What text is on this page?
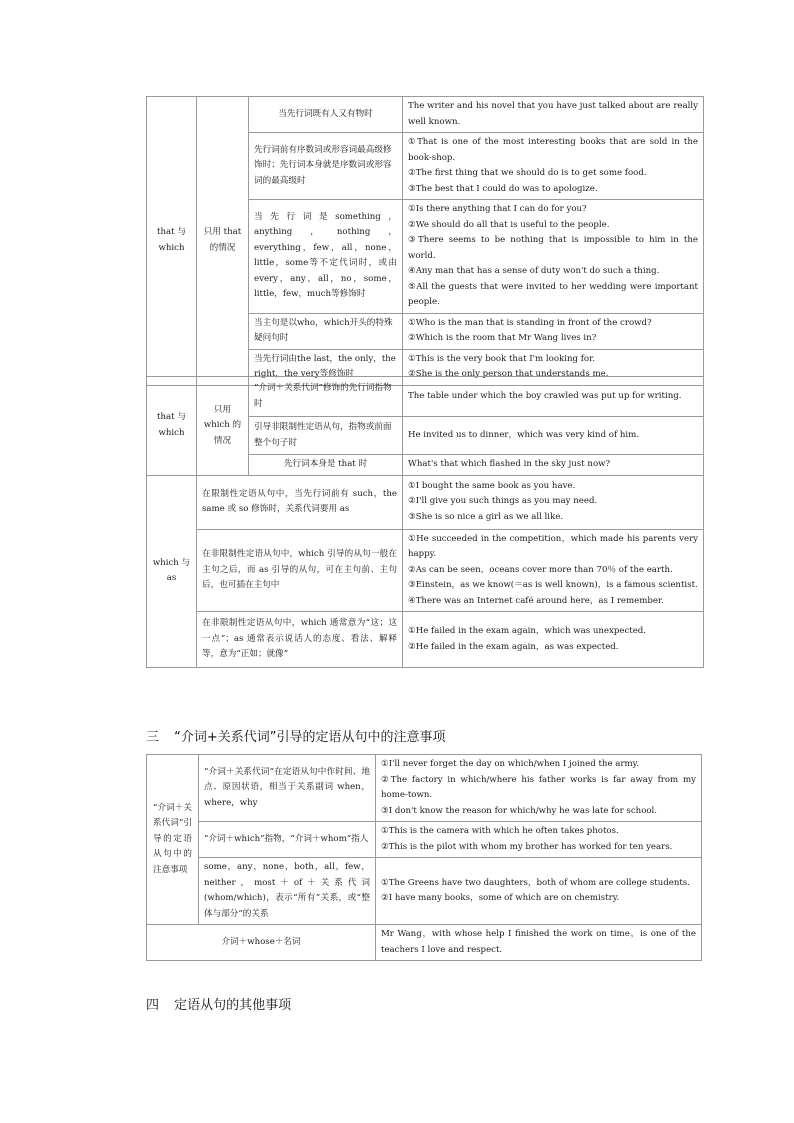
that 与 which	只用 that 的情况	当先行词既有人又有物时	The writer and his novel that you have just talked about are really well known.

		先行词前有序数词或形容词最高级修饰时；先行词本身就是序数词或形容词的最高级时	①That is one of the most interesting books that are sold in the book-shop.
②The first thing that we should do is to get some food.
③The best that I could do was to apologize.

		当先行词是something，anything，nothing，everything，few，all，none，little，some等不定代词时，或由every，any，all，no，some，little，few，much等修饰时	①Is there anything that I can do for you?
②We should do all that is useful to the people.
③There seems to be nothing that is impossible to him in the world.
④Any man that has a sense of duty won't do such a thing.
⑤All the guests that were invited to her wedding were important people.

		当主句是以who，which开头的特殊疑问句时	①Who is the man that is standing in front of the crowd?
②Which is the room that Mr Wang lives in?

		当先行词由the last，the only，the right，the very等修饰时	①This is the very book that I'm looking for.
②She is the only person that understands me.
that 与 which	只用 which 的情况	“介词＋关系代词”修饰的先行词指物时	The table under which the boy crawled was put up for writing.

		引导非限制性定语从句，指物或前面整个句子时	He invited us to dinner，which was very kind of him.

		先行词本身是 that 时	What's that which flashed in the sky just now?

which 与 as	在限制性定语从句中，当先行词前有 such，the same 或 so 修饰时，关系代词要用 as		①I bought the same book as you have.
②I'll give you such things as you may need.
③She is so nice a girl as we all like.

	在非限制性定语从句中，which 引导的从句一般在主句之后，而 as 引导的从句，可在主句前、主句后，也可插在主句中		①He succeeded in the competition，which made his parents very happy.
②As can be seen，oceans cover more than 70％ of the earth.
③Einstein，as we know(＝as is well known)，is a famous scientist.
④There was an Internet café around here，as I remember.

	在非限制性定语从句中，which 通常意为“这；这一点”；as 通常表示说话人的态度、看法、解释等，意为“正如；就像”		①He failed in the exam again，which was unexpected.
②He failed in the exam again，as was expected.
三 “介词+关系代词”引导的定语从句中的注意事项
“介词＋关系代词”引导的定语从句中的注意事项	“介词＋关系代词”在定语从句中作时间、地点、原因状语，相当于关系副词 when，where，why	①I'll never forget the day on which/when I joined the army.
②The factory in which/where his father works is far away from my home-town.
③I don't know the reason for which/why he was late for school.

	“介词＋which”指物，“介词＋whom”指人	①This is the camera with which he often takes photos.
②This is the pilot with whom my brother has worked for ten years.

	some，any，none，both，all，few，neither，most＋of＋关系代词(whom/which)，表示“所有”关系，或“整体与部分”的关系	①The Greens have two daughters，both of whom are college students.
②I have many books，some of which are on chemistry.

介词＋whose＋名词		Mr Wang，with whose help I finished the work on time，is one of the teachers I love and respect.
四 定语从句的其他事项
